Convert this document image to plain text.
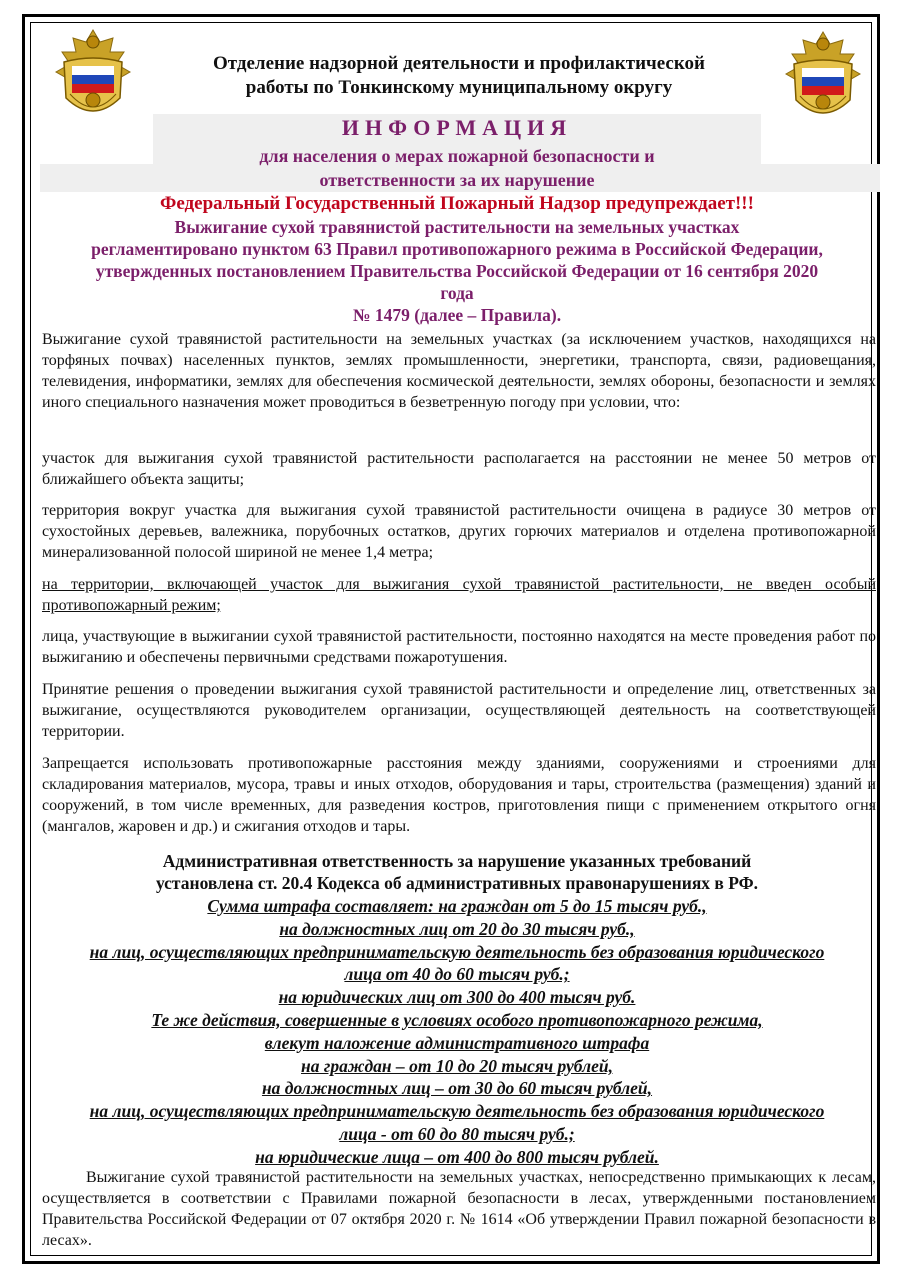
Отделение надзорной деятельности и профилактической
работы по Тонкинскому муниципальному округу
ИНФОРМАЦИЯ
для населения о мерах пожарной безопасности и
ответственности за их нарушение
Федеральный Государственный Пожарный Надзор предупреждает!!!
Выжигание сухой травянистой растительности на земельных участках
регламентировано пунктом 63 Правил противопожарного режима в Российской Федерации,
утвержденных постановлением Правительства Российской Федерации от 16 сентября 2020
года
№ 1479 (далее – Правила).
Выжигание сухой травянистой растительности на земельных участках (за исключением участков, находящихся на торфяных почвах) населенных пунктов, землях промышленности, энергетики, транспорта, связи, радиовещания, телевидения, информатики, землях для обеспечения космической деятельности, землях обороны, безопасности и землях иного специального назначения может проводиться в безветренную погоду при условии, что:
участок для выжигания сухой травянистой растительности располагается на расстоянии не менее 50 метров от ближайшего объекта защиты;
территория вокруг участка для выжигания сухой травянистой растительности очищена в радиусе 30 метров от сухостойных деревьев, валежника, порубочных остатков, других горючих материалов и отделена противопожарной минерализованной полосой шириной не менее 1,4 метра;
на территории, включающей участок для выжигания сухой травянистой растительности, не введен особый противопожарный режим;
лица, участвующие в выжигании сухой травянистой растительности, постоянно находятся на месте проведения работ по выжиганию и обеспечены первичными средствами пожаротушения.
Принятие решения о проведении выжигания сухой травянистой растительности и определение лиц, ответственных за выжигание, осуществляются руководителем организации, осуществляющей деятельность на соответствующей территории.
Запрещается использовать противопожарные расстояния между зданиями, сооружениями и строениями для складирования материалов, мусора, травы и иных отходов, оборудования и тары, строительства (размещения) зданий и сооружений, в том числе временных, для разведения костров, приготовления пищи с применением открытого огня (мангалов, жаровен и др.) и сжигания отходов и тары.
Административная ответственность за нарушение указанных требований
установлена ст. 20.4 Кодекса об административных правонарушениях в РФ.
Сумма штрафа составляет: на граждан от 5 до 15 тысяч руб.,
на должностных лиц от 20 до 30 тысяч руб.,
на лиц, осуществляющих предпринимательскую деятельность без образования юридического
лица от 40 до 60 тысяч руб.;
на юридических лиц от 300 до 400 тысяч руб.
Те же действия, совершенные в условиях особого противопожарного режима,
влекут наложение административного штрафа
на граждан – от 10 до 20 тысяч рублей,
на должностных лиц – от 30 до 60 тысяч рублей,
на лиц, осуществляющих предпринимательскую деятельность без образования юридического
лица - от 60 до 80 тысяч руб.;
на юридические лица – от 400 до 800 тысяч рублей.
Выжигание сухой травянистой растительности на земельных участках, непосредственно примыкающих к лесам, осуществляется в соответствии с Правилами пожарной безопасности в лесах, утвержденными постановлением Правительства Российской Федерации от 07 октября 2020 г. № 1614 «Об утверждении Правил пожарной безопасности в лесах».
